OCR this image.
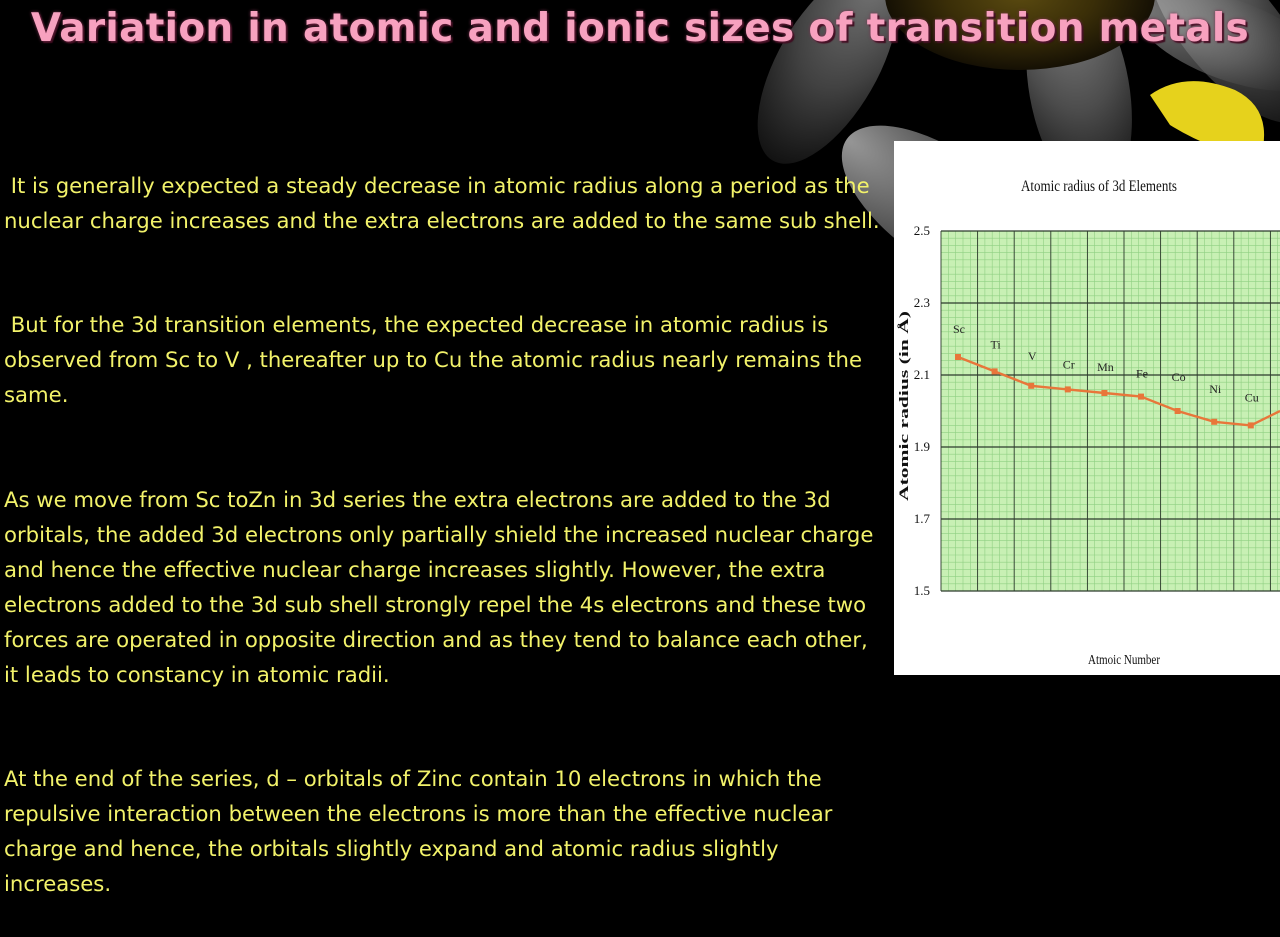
Variation in atomic and ionic sizes of transition metals

It is generally expected a steady decrease in atomic radius along a period as the nuclear charge increases and the extra electrons are added to the same sub shell.

But for the 3d transition elements, the expected decrease in atomic radius is observed from Sc to V , thereafter up to Cu the atomic radius nearly remains the same.

As we move from Sc toZn in 3d series the extra electrons are added to the 3d orbitals, the added 3d electrons only partially shield the increased nuclear charge and hence the effective nuclear charge increases slightly. However, the extra electrons added to the 3d sub shell strongly repel the 4s electrons and these two forces are operated in opposite direction and as they tend to balance each other, it leads to constancy in atomic radii.

At the end of the series, d – orbitals of Zinc contain 10 electrons in which the repulsive interaction between the electrons is more than the effective nuclear charge and hence, the orbitals slightly expand and atomic radius slightly increases.

2.5
2.3
2.1
1.9
1.7
1.5
Atomic radius of 3d Elements
Atmoic Number
Atomic radius (in Å)
Sc
Ti
V
Cr Mn Fe Co
Ni
Cu
